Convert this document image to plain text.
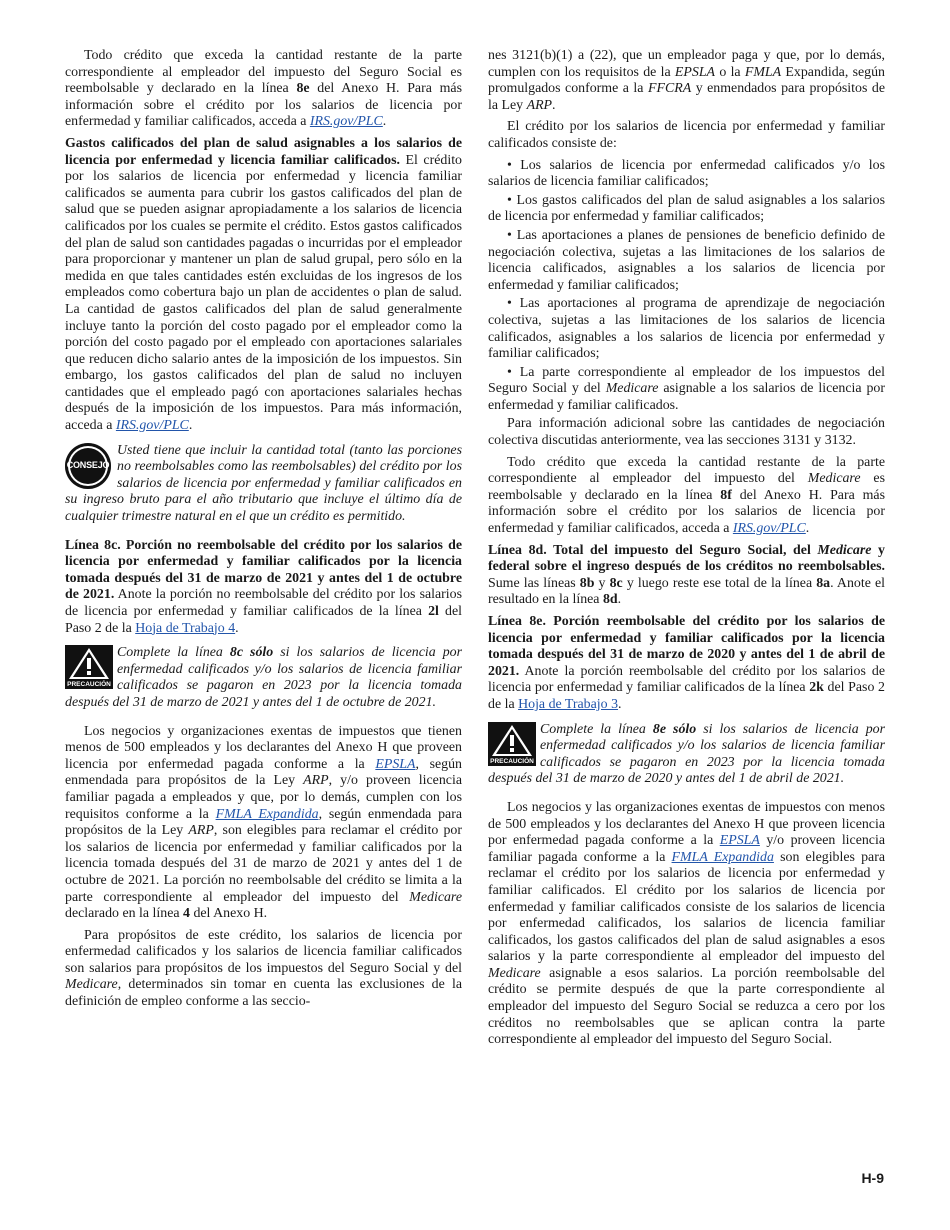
Todo crédito que exceda la cantidad restante de la parte correspondiente al empleador del impuesto del Seguro Social es reembolsable y declarado en la línea 8e del Anexo H. Para más información sobre el crédito por los salarios de licencia por enfermedad y familiar calificados, acceda a IRS.gov/PLC.

Gastos calificados del plan de salud asignables a los salarios de licencia por enfermedad y licencia familiar calificados. El crédito por los salarios de licencia por enfermedad y licencia familiar calificados se aumenta para cubrir los gastos calificados del plan de salud que se pueden asignar apropiadamente a los salarios de licencia calificados por los cuales se permite el crédito. Estos gastos calificados del plan de salud son cantidades pagadas o incurridas por el empleador para proporcionar y mantener un plan de salud grupal, pero sólo en la medida en que tales cantidades estén excluidas de los ingresos de los empleados como cobertura bajo un plan de accidentes o plan de salud. La cantidad de gastos calificados del plan de salud generalmente incluye tanto la porción del costo pagado por el empleador como la porción del costo pagado por el empleado con aportaciones salariales que reducen dicho salario antes de la imposición de los impuestos. Sin embargo, los gastos calificados del plan de salud no incluyen cantidades que el empleado pagó con aportaciones salariales hechas después de la imposición de los impuestos. Para más información, acceda a IRS.gov/PLC.

CONSEJO
Usted tiene que incluir la cantidad total (tanto las porciones no reembolsables como las reembolsables) del crédito por los salarios de licencia por enfermedad y familiar calificados en su ingreso bruto para el año tributario que incluye el último día de cualquier trimestre natural en el que un crédito es permitido.

Línea 8c. Porción no reembolsable del crédito por los salarios de licencia por enfermedad y familiar calificados por la licencia tomada después del 31 de marzo de 2021 y antes del 1 de octubre de 2021. Anote la porción no reembolsable del crédito por los salarios de licencia por enfermedad y familiar calificados de la línea 2l del Paso 2 de la Hoja de Trabajo 4.

PRECAUCIÓN
Complete la línea 8c sólo si los salarios de licencia por enfermedad calificados y/o los salarios de licencia familiar calificados se pagaron en 2023 por la licencia tomada después del 31 de marzo de 2021 y antes del 1 de octubre de 2021.

Los negocios y organizaciones exentas de impuestos que tienen menos de 500 empleados y los declarantes del Anexo H que proveen licencia por enfermedad pagada conforme a la EPSLA, según enmendada para propósitos de la Ley ARP, y/o proveen licencia familiar pagada a empleados y que, por lo demás, cumplen con los requisitos conforme a la FMLA Expandida, según enmendada para propósitos de la Ley ARP, son elegibles para reclamar el crédito por los salarios de licencia por enfermedad y familiar calificados por la licencia tomada después del 31 de marzo de 2021 y antes del 1 de octubre de 2021. La porción no reembolsable del crédito se limita a la parte correspondiente al empleador del impuesto del Medicare declarado en la línea 4 del Anexo H.

Para propósitos de este crédito, los salarios de licencia por enfermedad calificados y los salarios de licencia familiar calificados son salarios para propósitos de los impuestos del Seguro Social y del Medicare, determinados sin tomar en cuenta las exclusiones de la definición de empleo conforme a las seccio-

nes 3121(b)(1) a (22), que un empleador paga y que, por lo demás, cumplen con los requisitos de la EPSLA o la FMLA Expandida, según promulgados conforme a la FFCRA y enmendados para propósitos de la Ley ARP.

El crédito por los salarios de licencia por enfermedad y familiar calificados consiste de:

• Los salarios de licencia por enfermedad calificados y/o los salarios de licencia familiar calificados;

• Los gastos calificados del plan de salud asignables a los salarios de licencia por enfermedad y familiar calificados;

• Las aportaciones a planes de pensiones de beneficio definido de negociación colectiva, sujetas a las limitaciones de los salarios de licencia calificados, asignables a los salarios de licencia por enfermedad y familiar calificados;

• Las aportaciones al programa de aprendizaje de negociación colectiva, sujetas a las limitaciones de los salarios de licencia calificados, asignables a los salarios de licencia por enfermedad y familiar calificados;

• La parte correspondiente al empleador de los impuestos del Seguro Social y del Medicare asignable a los salarios de licencia por enfermedad y familiar calificados.

Para información adicional sobre las cantidades de negociación colectiva discutidas anteriormente, vea las secciones 3131 y 3132.

Todo crédito que exceda la cantidad restante de la parte correspondiente al empleador del impuesto del Medicare es reembolsable y declarado en la línea 8f del Anexo H. Para más información sobre el crédito por los salarios de licencia por enfermedad y familiar calificados, acceda a IRS.gov/PLC.

Línea 8d. Total del impuesto del Seguro Social, del Medicare y federal sobre el ingreso después de los créditos no reembolsables. Sume las líneas 8b y 8c y luego reste ese total de la línea 8a. Anote el resultado en la línea 8d.

Línea 8e. Porción reembolsable del crédito por los salarios de licencia por enfermedad y familiar calificados por la licencia tomada después del 31 de marzo de 2020 y antes del 1 de abril de 2021. Anote la porción reembolsable del crédito por los salarios de licencia por enfermedad y familiar calificados de la línea 2k del Paso 2 de la Hoja de Trabajo 3.

PRECAUCIÓN
Complete la línea 8e sólo si los salarios de licencia por enfermedad calificados y/o los salarios de licencia familiar calificados se pagaron en 2023 por la licencia tomada después del 31 de marzo de 2020 y antes del 1 de abril de 2021.

Los negocios y las organizaciones exentas de impuestos con menos de 500 empleados y los declarantes del Anexo H que proveen licencia por enfermedad pagada conforme a la EPSLA y/o proveen licencia familiar pagada conforme a la FMLA Expandida son elegibles para reclamar el crédito por los salarios de licencia por enfermedad y familiar calificados. El crédito por los salarios de licencia por enfermedad y familiar calificados consiste de los salarios de licencia por enfermedad calificados, los salarios de licencia familiar calificados, los gastos calificados del plan de salud asignables a esos salarios y la parte correspondiente al empleador del impuesto del Medicare asignable a esos salarios. La porción reembolsable del crédito se permite después de que la parte correspondiente al empleador del impuesto del Seguro Social se reduzca a cero por los créditos no reembolsables que se aplican contra la parte correspondiente al empleador del impuesto del Seguro Social.

H-9
